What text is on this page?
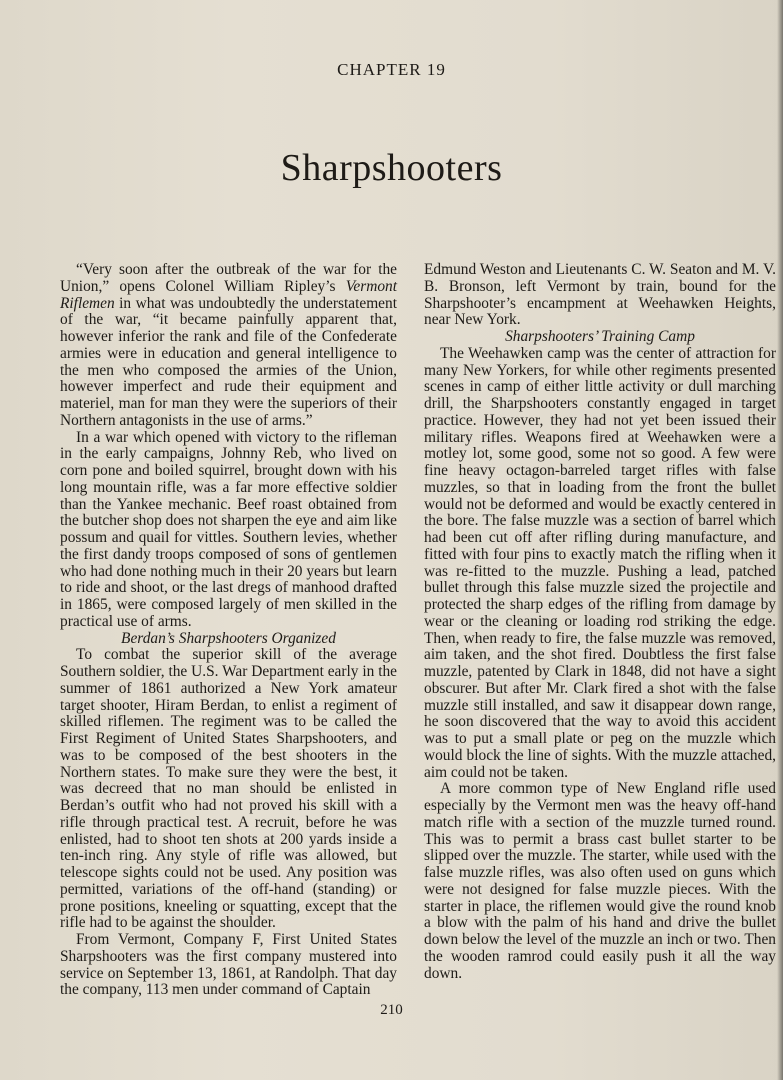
CHAPTER 19
Sharpshooters

“Very soon after the outbreak of the war for the Union,” opens Colonel William Ripley’s Vermont Riflemen in what was undoubtedly the understatement of the war, “it became painfully apparent that, however inferior the rank and file of the Confederate armies were in education and general intelligence to the men who composed the armies of the Union, however imperfect and rude their equipment and materiel, man for man they were the superiors of their Northern antagonists in the use of arms.”

In a war which opened with victory to the rifleman in the early campaigns, Johnny Reb, who lived on corn pone and boiled squirrel, brought down with his long mountain rifle, was a far more effective soldier than the Yankee mechanic. Beef roast obtained from the butcher shop does not sharpen the eye and aim like possum and quail for vittles. Southern levies, whether the first dandy troops composed of sons of gentlemen who had done nothing much in their 20 years but learn to ride and shoot, or the last dregs of manhood drafted in 1865, were composed largely of men skilled in the practical use of arms.

Berdan’s Sharpshooters Organized

To combat the superior skill of the average Southern soldier, the U.S. War Department early in the summer of 1861 authorized a New York amateur target shooter, Hiram Berdan, to enlist a regiment of skilled riflemen. The regiment was to be called the First Regiment of United States Sharpshooters, and was to be composed of the best shooters in the Northern states. To make sure they were the best, it was decreed that no man should be enlisted in Berdan’s outfit who had not proved his skill with a rifle through practical test. A recruit, before he was enlisted, had to shoot ten shots at 200 yards inside a ten-inch ring. Any style of rifle was allowed, but telescope sights could not be used. Any position was permitted, variations of the off-hand (standing) or prone positions, kneeling or squatting, except that the rifle had to be against the shoulder.

From Vermont, Company F, First United States Sharpshooters was the first company mustered into service on September 13, 1861, at Randolph. That day the company, 113 men under command of Captain

Edmund Weston and Lieutenants C. W. Seaton and M. V. B. Bronson, left Vermont by train, bound for the Sharpshooter’s encampment at Weehawken Heights, near New York.

Sharpshooters’ Training Camp

The Weehawken camp was the center of attraction for many New Yorkers, for while other regiments presented scenes in camp of either little activity or dull marching drill, the Sharpshooters constantly engaged in target practice. However, they had not yet been issued their military rifles. Weapons fired at Weehawken were a motley lot, some good, some not so good. A few were fine heavy octagon-barreled target rifles with false muzzles, so that in loading from the front the bullet would not be deformed and would be exactly centered in the bore. The false muzzle was a section of barrel which had been cut off after rifling during manufacture, and fitted with four pins to exactly match the rifling when it was re-fitted to the muzzle. Pushing a lead, patched bullet through this false muzzle sized the projectile and protected the sharp edges of the rifling from damage by wear or the cleaning or loading rod striking the edge. Then, when ready to fire, the false muzzle was removed, aim taken, and the shot fired. Doubtless the first false muzzle, patented by Clark in 1848, did not have a sight obscurer. But after Mr. Clark fired a shot with the false muzzle still installed, and saw it disappear down range, he soon discovered that the way to avoid this accident was to put a small plate or peg on the muzzle which would block the line of sights. With the muzzle attached, aim could not be taken.

A more common type of New England rifle used especially by the Vermont men was the heavy off-hand match rifle with a section of the muzzle turned round. This was to permit a brass cast bullet starter to be slipped over the muzzle. The starter, while used with the false muzzle rifles, was also often used on guns which were not designed for false muzzle pieces. With the starter in place, the riflemen would give the round knob a blow with the palm of his hand and drive the bullet down below the level of the muzzle an inch or two. Then the wooden ramrod could easily push it all the way down.

210
